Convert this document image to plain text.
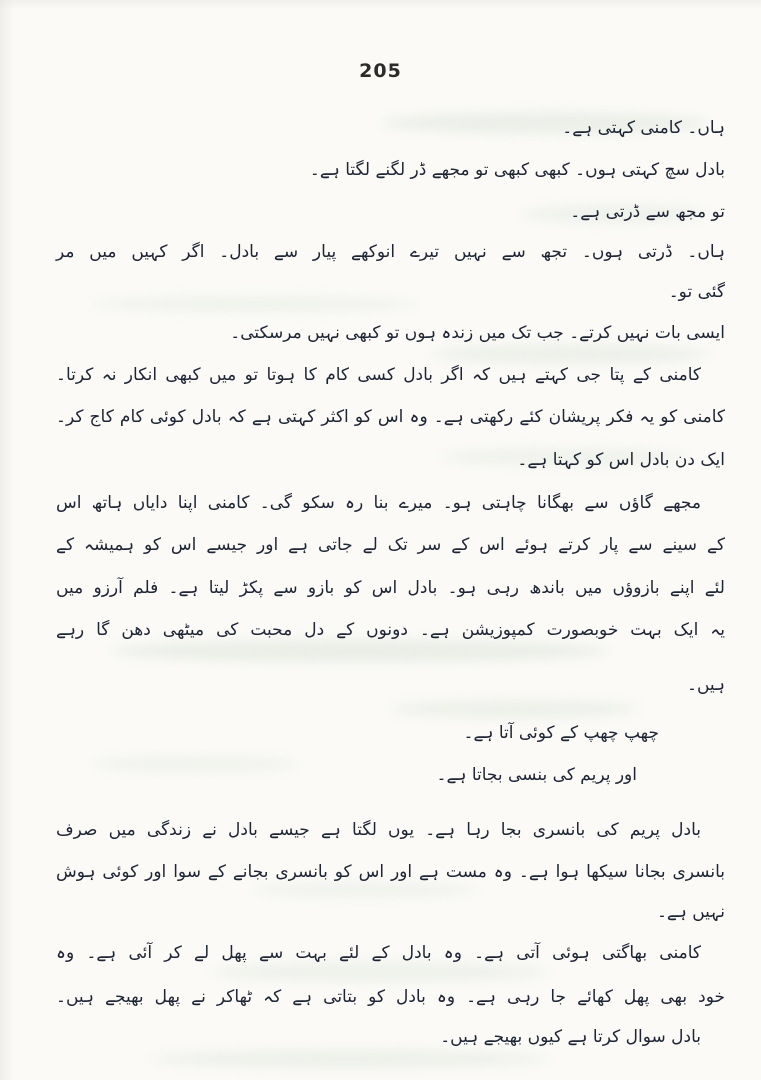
205
ہاں۔ کامنی کہتی ہے۔
بادل سچ کہتی ہوں۔ کبھی کبھی تو مجھے ڈر لگنے لگتا ہے۔
تو مجھ سے ڈرتی ہے۔
ہاں۔ ڈرتی ہوں۔ تجھ سے نہیں تیرے انوکھے پیار سے بادل۔ اگر کہیں میں مر
گئی تو۔
ایسی بات نہیں کرتے۔ جب تک میں زندہ ہوں تو کبھی نہیں مرسکتی۔
کامنی کے پتا جی کہتے ہیں کہ اگر بادل کسی کام کا ہوتا تو میں کبھی انکار نہ کرتا۔
کامنی کو یہ فکر پریشان کئے رکھتی ہے۔ وہ اس کو اکثر کہتی ہے کہ بادل کوئی کام کاج کر۔
ایک دن بادل اس کو کہتا ہے۔
مجھے گاؤں سے بھگانا چاہتی ہو۔ میرے بنا رہ سکو گی۔ کامنی اپنا دایاں ہاتھ اس
کے سینے سے پار کرتے ہوئے اس کے سر تک لے جاتی ہے اور جیسے اس کو ہمیشہ کے
لئے اپنے بازوؤں میں باندھ رہی ہو۔ بادل اس کو بازو سے پکڑ لیتا ہے۔ فلم آرزو میں
یہ ایک بہت خوبصورت کمپوزیشن ہے۔ دونوں کے دل محبت کی میٹھی دھن گا رہے
ہیں۔
چھپ چھپ کے کوئی آتا ہے۔
اور پریم کی بنسی بجاتا ہے۔
بادل پریم کی بانسری بجا رہا ہے۔ یوں لگتا ہے جیسے بادل نے زندگی میں صرف
بانسری بجانا سیکھا ہوا ہے۔ وہ مست ہے اور اس کو بانسری بجانے کے سوا اور کوئی ہوش
نہیں ہے۔
کامنی بھاگتی ہوئی آتی ہے۔ وہ بادل کے لئے بہت سے پھل لے کر آئی ہے۔ وہ
خود بھی پھل کھائے جا رہی ہے۔ وہ بادل کو بتاتی ہے کہ ٹھاکر نے پھل بھیجے ہیں۔
بادل سوال کرتا ہے کیوں بھیجے ہیں۔
